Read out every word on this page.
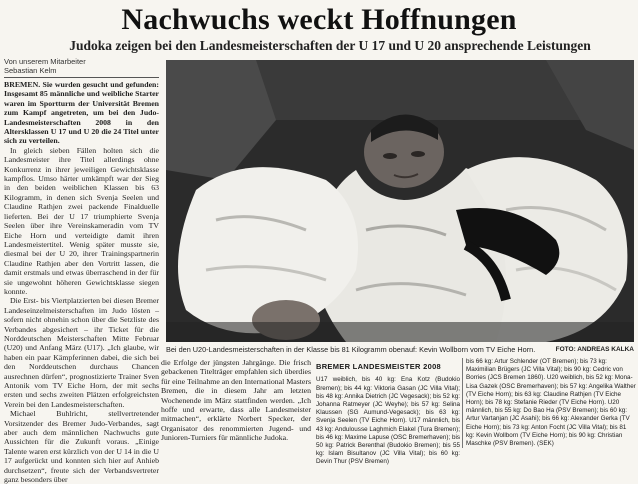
Nachwuchs weckt Hoffnungen
Judoka zeigen bei den Landesmeisterschaften der U 17 und U 20 ansprechende Leistungen
Von unserem Mitarbeiter
Sebastian Kelm

BREMEN. Sie wurden gesucht und gefunden: Insgesamt 85 männliche und weibliche Starter waren im Sportturm der Universität Bremen zum Kampf angetreten, um bei den Judo-Landesmeisterschaften 2008 in den Altersklassen U 17 und U 20 die 24 Titel unter sich zu verteilen.

In gleich sieben Fällen holten sich die Landesmeister ihre Titel allerdings ohne Konkurrenz in ihrer jeweiligen Gewichtsklasse kampflos. Umso härter umkämpft war der Sieg in den beiden weiblichen Klassen bis 63 Kilogramm, in denen sich Svenja Seelen und Claudine Rathjen zwei packende Finalduelle lieferten. Bei der U 17 triumphierte Svenja Seelen über ihre Vereinskameradin vom TV Eiche Horn und verteidigte damit ihren Landesmeistertitel. Wenig später musste sie, diesmal bei der U 20, ihrer Trainingspartnerin Claudine Rathjen aber den Vortritt lassen, die damit erstmals und etwas überraschend in der für sie ungewohnt höheren Gewichtsklasse siegen konnte.

Die Erst- bis Viertplatzierten bei diesen Bremer Landeseinzelmeisterschaften im Judo lösten – sofern nicht ohnehin schon über die Setzliste des Verbandes abgesichert – ihr Ticket für die Norddeutschen Meisterschaften Mitte Februar (U20) und Anfang März (U17). „Ich glaube, wir haben ein paar Kämpferinnen dabei, die sich bei den Norddeutschen durchaus Chancen ausrechnen dürfen“, prognostizierte Trainer Sven Antonik vom TV Eiche Horn, der mit sechs ersten und sechs zweiten Plätzen erfolgreichsten Verein bei den Landesmeisterschaften.

Michael Buhlricht, stellvertretender Vorsitzender des Bremer Judo-Verbandes, sagt aber auch dem männlichen Nachwuchs gute Aussichten für die Zukunft voraus. „Einige Talente waren erst kürzlich von der U 14 in die U 17 aufgerückt und konnten sich hier auf Anhieb durchsetzen“, freute sich der Verbandsvertreter ganz besonders über

Bei den U20-Landesmeisterschaften in der Klasse bis 81 Kilogramm obenauf: Kevin Wollborn vom TV Eiche Horn.	FOTO: ANDREAS KALKA
die Erfolge der jüngsten Jahrgänge. Die frisch gebackenen Titelträger empfahlen sich überdies für eine Teilnahme an den International Masters Bremen, die in diesem Jahr am letzten Wochenende im März stattfinden werden. „Ich hoffe und erwarte, dass alle Landesmeister mitmachen“, erklärte Norbert Specker, der Organisator des renommierten Jugend- und Junioren-Turniers für männliche Judoka.
BREMER LANDESMEISTER 2008
U17 weiblich, bis 40 kg: Ena Kotz (Budokio Bremen); bis 44 kg: Viktoria Gasan (JC Villa Vital); bis 48 kg: Annika Dietrich (JC Vegesack); bis 52 kg: Johanna Ratmeyer (JC Weyhe); bis 57 kg: Selina Klaussen (SG Aumund-Vegesack); bis 63 kg: Svenja Seelen (TV Eiche Horn). U17 männlich, bis 43 kg: Andulousse Laghmich Elakel (Tura Bremen); bis 46 kg: Maxime Lapuse (OSC Bremerhaven); bis 50 kg: Patrick Berenthal (Budokio Bremen); bis 55 kg: Islam Bisultanov (JC Villa Vital); bis 60 kg: Devin Thur (PSV Bremen)
bis 66 kg: Artur Schlender (OT Bremen); bis 73 kg: Maximilian Brügers (JC Villa Vital); bis 90 kg: Cedric von Borries (JCS Bremen 1860). U20 weiblich, bis 52 kg: Mona-Lisa Gazek (OSC Bremerhaven); bis 57 kg: Angelika Walther (TV Eiche Horn); bis 63 kg: Claudine Rathjen (TV Eiche Horn); bis 78 kg: Stefanie Rieder (TV Eiche Horn). U20 männlich, bis 55 kg: Do Bao Ha (PSV Bremen); bis 60 kg: Artur Vartanjan (JC Asahi); bis 66 kg: Alexander Gerka (TV Eiche Horn); bis 73 kg: Anton Focht (JC Villa Vital); bis 81 kg: Kevin Wollborn (TV Eiche Horn); bis 90 kg: Christian Maschke (PSV Bremen). (SEK)
